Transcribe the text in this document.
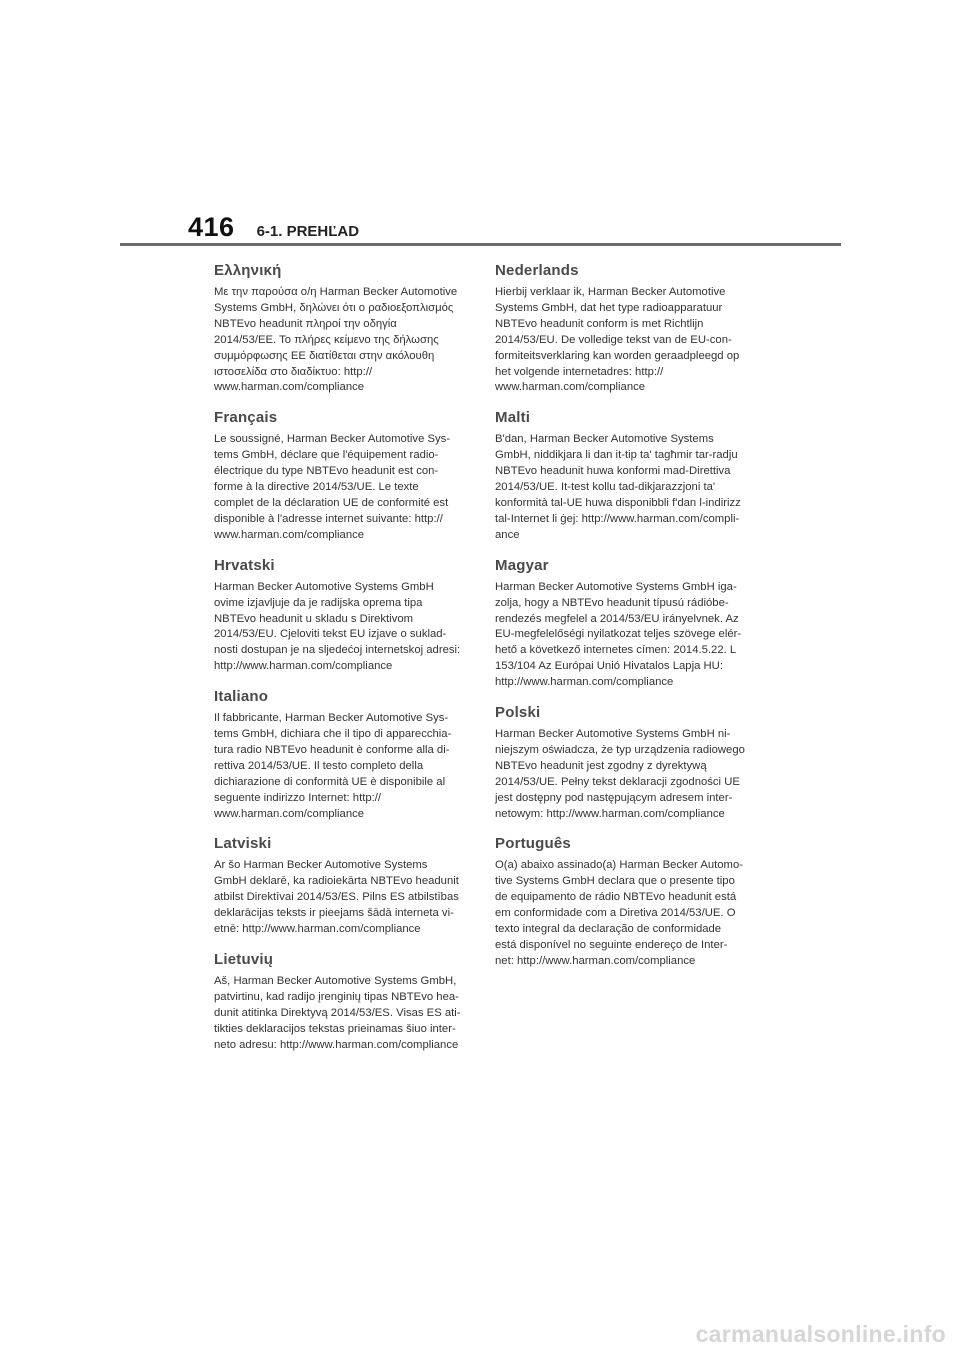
416 6-1. PREHĽAD
Ελληνική

Με την παρούσα ο/η Harman Becker Automotive
Systems GmbH, δηλώνει ότι ο ραδιοεξοπλισμός
NBTEvo headunit πληροί την οδηγία
2014/53/ΕΕ. Το πλήρες κείμενο της δήλωσης
συμμόρφωσης ΕΕ διατίθεται στην ακόλουθη
ιστοσελίδα στο διαδίκτυο: http://
www.harman.com/compliance

Français

Le soussigné, Harman Becker Automotive Sys-
tems GmbH, déclare que l'équipement radio-
électrique du type NBTEvo headunit est con-
forme à la directive 2014/53/UE. Le texte
complet de la déclaration UE de conformité est
disponible à l'adresse internet suivante: http://
www.harman.com/compliance

Hrvatski

Harman Becker Automotive Systems GmbH
ovime izjavljuje da je radijska oprema tipa
NBTEvo headunit u skladu s Direktivom
2014/53/EU. Cjeloviti tekst EU izjave o suklad-
nosti dostupan je na sljedećoj internetskoj adresi:
http://www.harman.com/compliance

Italiano

Il fabbricante, Harman Becker Automotive Sys-
tems GmbH, dichiara che il tipo di apparecchia-
tura radio NBTEvo headunit è conforme alla di-
rettiva 2014/53/UE. Il testo completo della
dichiarazione di conformità UE è disponibile al
seguente indirizzo Internet: http://
www.harman.com/compliance

Latviski

Ar šo Harman Becker Automotive Systems
GmbH deklarē, ka radioiekārta NBTEvo headunit
atbilst Direktīvai 2014/53/ES. Pilns ES atbilstības
deklarācijas teksts ir pieejams šādā interneta vi-
etnē: http://www.harman.com/compliance

Lietuvių

Aš, Harman Becker Automotive Systems GmbH,
patvirtinu, kad radijo įrenginių tipas NBTEvo hea-
dunit atitinka Direktyvą 2014/53/ES. Visas ES ati-
tikties deklaracijos tekstas prieinamas šiuo inter-
neto adresu: http://www.harman.com/compliance

Nederlands

Hierbij verklaar ik, Harman Becker Automotive
Systems GmbH, dat het type radioapparatuur
NBTEvo headunit conform is met Richtlijn
2014/53/EU. De volledige tekst van de EU-con-
formiteitsverklaring kan worden geraadpleegd op
het volgende internetadres: http://
www.harman.com/compliance

Malti

B'dan, Harman Becker Automotive Systems
GmbH, niddikjara li dan it-tip ta' tagħmir tar-radju
NBTEvo headunit huwa konformi mad-Direttiva
2014/53/UE. It-test kollu tad-dikjarazzjoni ta'
konformità tal-UE huwa disponibbli f'dan l-indirizz
tal-Internet li ġej: http://www.harman.com/compli-
ance

Magyar

Harman Becker Automotive Systems GmbH iga-
zolja, hogy a NBTEvo headunit típusú rádióbe-
rendezés megfelel a 2014/53/EU irányelvnek. Az
EU-megfelelőségi nyilatkozat teljes szövege elér-
hető a következő internetes címen: 2014.5.22. L
153/104 Az Európai Unió Hivatalos Lapja HU:
http://www.harman.com/compliance

Polski

Harman Becker Automotive Systems GmbH ni-
niejszym oświadcza, że typ urządzenia radiowego
NBTEvo headunit jest zgodny z dyrektywą
2014/53/UE. Pełny tekst deklaracji zgodności UE
jest dostępny pod następującym adresem inter-
netowym: http://www.harman.com/compliance

Português

O(a) abaixo assinado(a) Harman Becker Automo-
tive Systems GmbH declara que o presente tipo
de equipamento de rádio NBTEvo headunit está
em conformidade com a Diretiva 2014/53/UE. O
texto integral da declaração de conformidade
está disponível no seguinte endereço de Inter-
net: http://www.harman.com/compliance

carmanualsonline.info
